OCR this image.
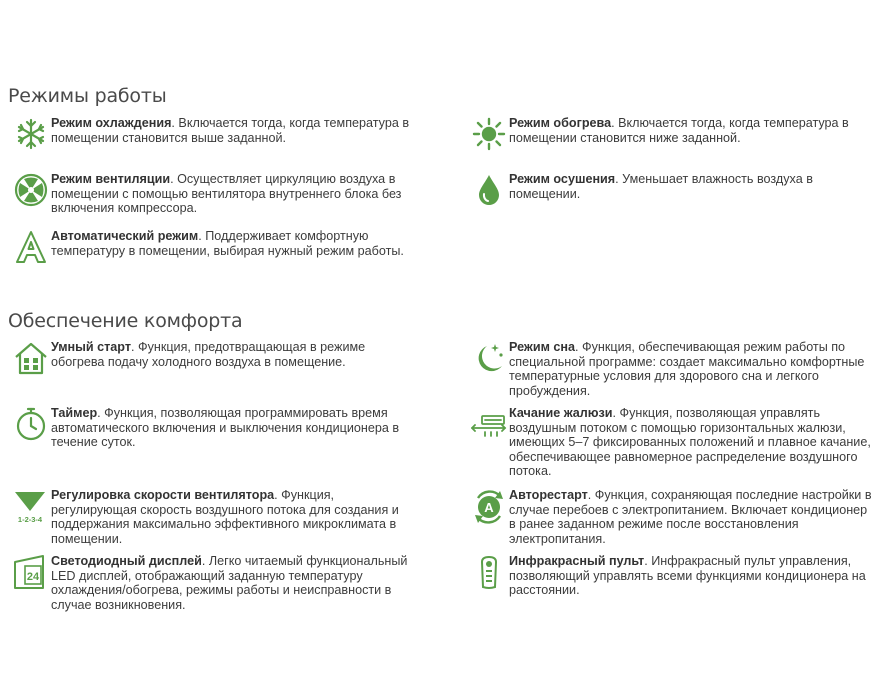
Режимы работы
Режим охлаждения. Включается тогда, когда температура в помещении становится выше заданной.
Режим обогрева. Включается тогда, когда температура в помещении становится ниже заданной.
Режим вентиляции. Осуществляет циркуляцию воздуха в помещении с помощью вентилятора внутреннего блока без включения компрессора.
Режим осушения. Уменьшает влажность воздуха в помещении.
Автоматический режим. Поддерживает комфортную температуру в помещении, выбирая нужный режим работы.
Обеспечение комфорта
Умный старт. Функция, предотвращающая в режиме обогрева подачу холодного воздуха в помещение.
Режим сна. Функция, обеспечивающая режим работы по специальной программе: создает максимально комфортные температурные условия для здорового сна и легкого пробуждения.
Таймер. Функция, позволяющая программировать время автоматического включения и выключения кондиционера в течение суток.
Качание жалюзи. Функция, позволяющая управлять воздушным потоком с помощью горизонтальных жалюзи, имеющих 5–7 фиксированных положений и плавное качание, обеспечивающее равномерное распределение воздушного потока.
1-2-3-4
Регулировка скорости вентилятора. Функция, регулирующая скорость воздушного потока для создания и поддержания максимально эффективного микроклимата в помещении.
A
Авторестарт. Функция, сохраняющая последние настройки в случае перебоев с электропитанием. Включает кондиционер в ранее заданном режиме после восстановления электропитания.
24
Светодиодный дисплей. Легко читаемый функциональный LED дисплей, отображающий заданную температуру охлаждения/обогрева, режимы работы и неисправности в случае возникновения.
Инфракрасный пульт. Инфракрасный пульт управления, позволяющий управлять всеми функциями кондиционера на расстоянии.
